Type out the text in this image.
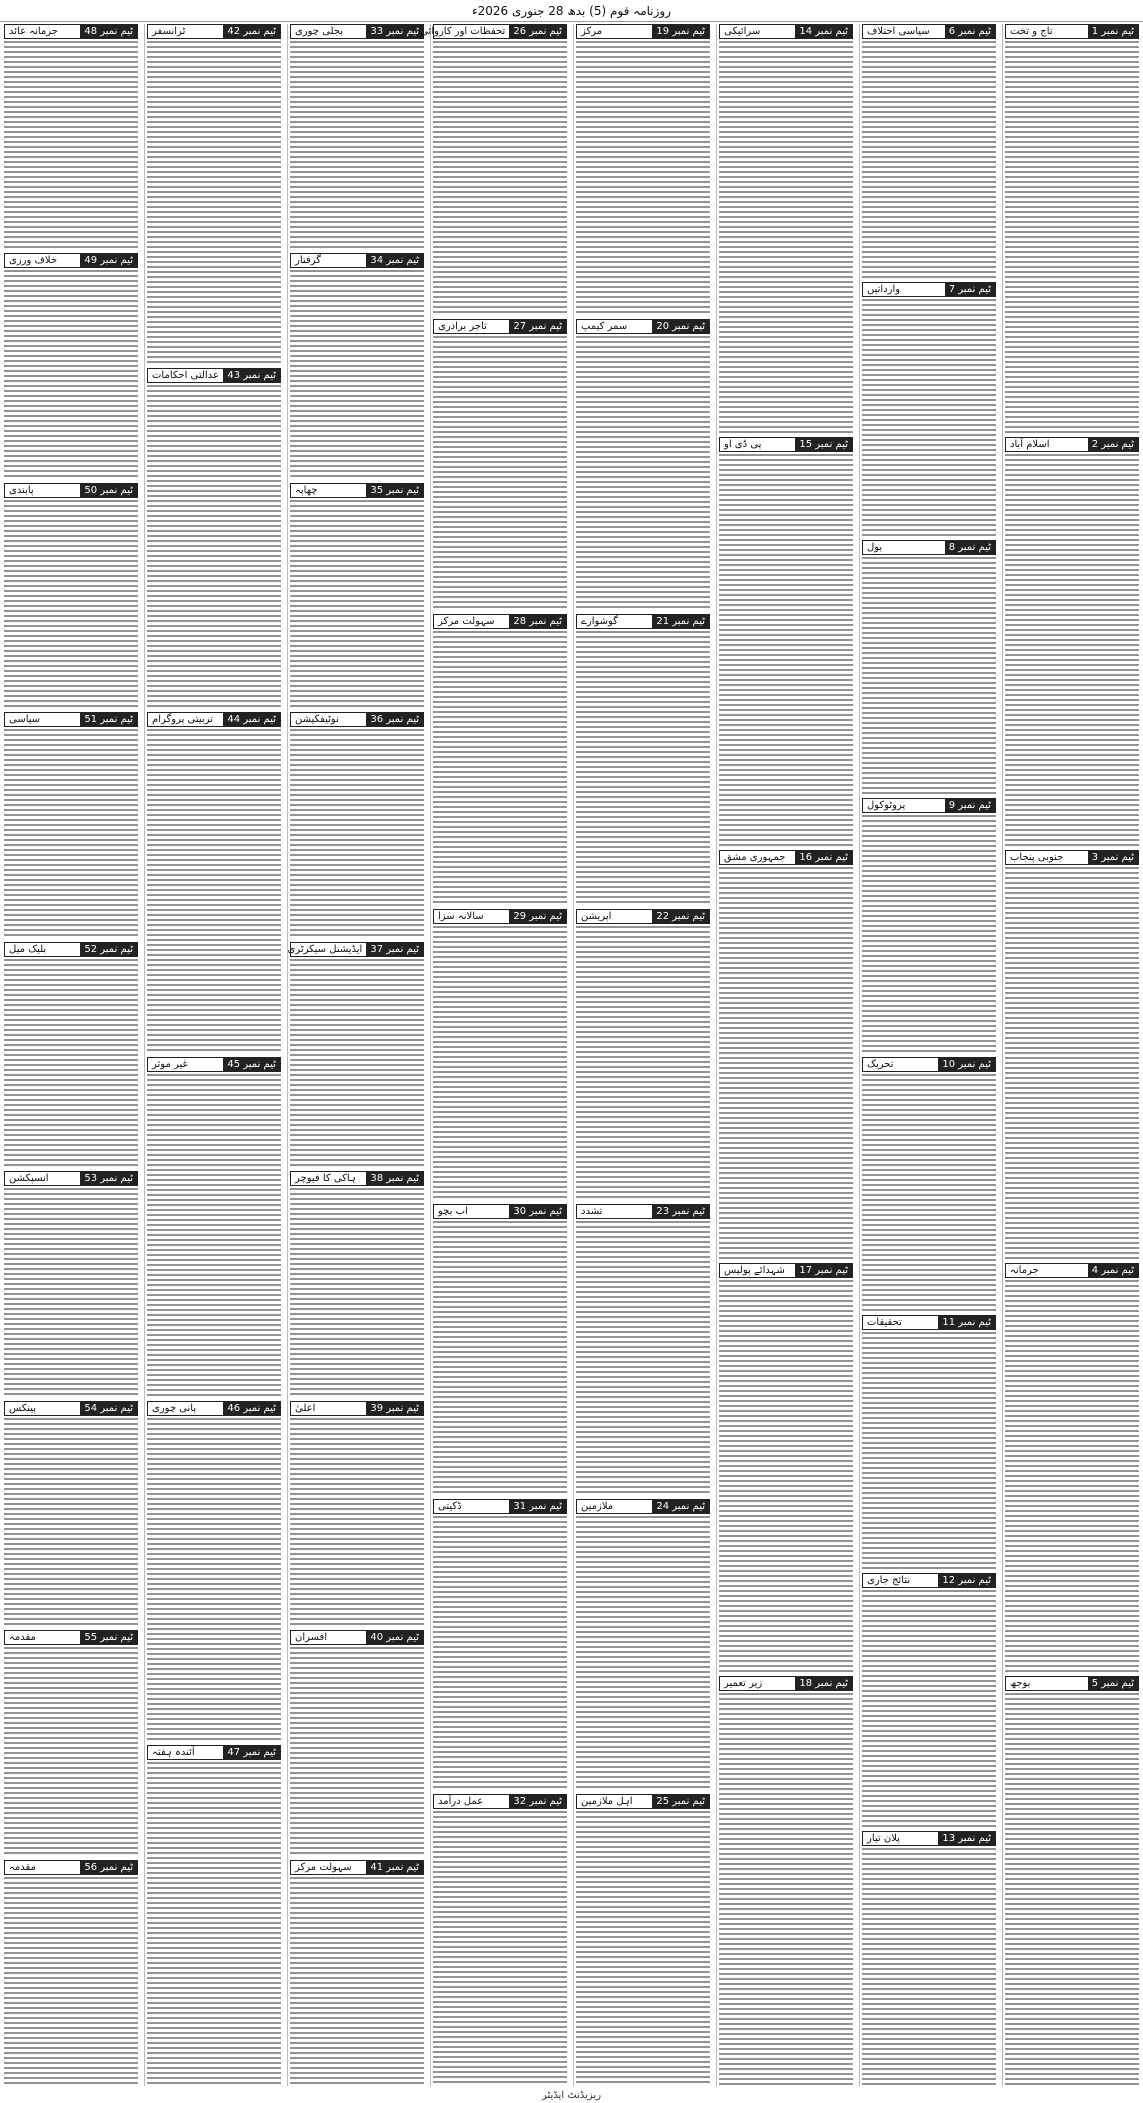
روزنامہ قوم (5) بدھ 28 جنوری 2026ء
ٹیم نمبر 1
تاج و تخت
ٹیم نمبر 2
اسلام آباد
ٹیم نمبر 3
جنوبی پنجاب
ٹیم نمبر 4
جرمانہ
ٹیم نمبر 5
بوجھ
ٹیم نمبر 6
سیاسی اختلاف
ٹیم نمبر 7
وارداتیں
ٹیم نمبر 8
بول
ٹیم نمبر 9
پروٹوکول
ٹیم نمبر 10
تحریک
ٹیم نمبر 11
تحقیقات
ٹیم نمبر 12
نتائج جاری
ٹیم نمبر 13
پلان تیار
ٹیم نمبر 14
سرائیکی
ٹیم نمبر 15
پی ڈی او
ٹیم نمبر 16
جمہوری مشق
ٹیم نمبر 17
شہدائے پولیس
ٹیم نمبر 18
زیر تعمیر
ٹیم نمبر 19
مرکز
ٹیم نمبر 20
سمر کیمپ
ٹیم نمبر 21
گوشوارے
ٹیم نمبر 22
اپریشن
ٹیم نمبر 23
تشدد
ٹیم نمبر 24
ملازمین
ٹیم نمبر 25
اہل ملازمین
ٹیم نمبر 26
تحفظات اور کاروائی
ٹیم نمبر 27
تاجر برادری
ٹیم نمبر 28
سہولت مرکز
ٹیم نمبر 29
سالانہ سزا
ٹیم نمبر 30
اب بچو
ٹیم نمبر 31
ڈکیتی
ٹیم نمبر 32
عمل درآمد
ٹیم نمبر 33
بجلی چوری
ٹیم نمبر 34
گرفتار
ٹیم نمبر 35
چھاپہ
ٹیم نمبر 36
نوٹیفکیشن
ٹیم نمبر 37
ایڈیشنل سیکرٹری
ٹیم نمبر 38
ہاکی کا فیوچر
ٹیم نمبر 39
اعلیٰ
ٹیم نمبر 40
افسران
ٹیم نمبر 41
سہولت مرکز
ٹیم نمبر 42
ٹرانسفر
ٹیم نمبر 43
عدالتی احکامات
ٹیم نمبر 44
تربیتی پروگرام
ٹیم نمبر 45
غیر موثر
ٹیم نمبر 46
پانی چوری
ٹیم نمبر 47
آئندہ ہفتہ
ٹیم نمبر 48
جرمانہ عائد
ٹیم نمبر 49
خلاف ورزی
ٹیم نمبر 50
پابندی
ٹیم نمبر 51
سیاسی
ٹیم نمبر 52
بلیک میل
ٹیم نمبر 53
انسپکشن
ٹیم نمبر 54
پینکس
ٹیم نمبر 55
مقدمہ
ٹیم نمبر 56
مقدمہ
ریزیڈنٹ ایڈیٹر
